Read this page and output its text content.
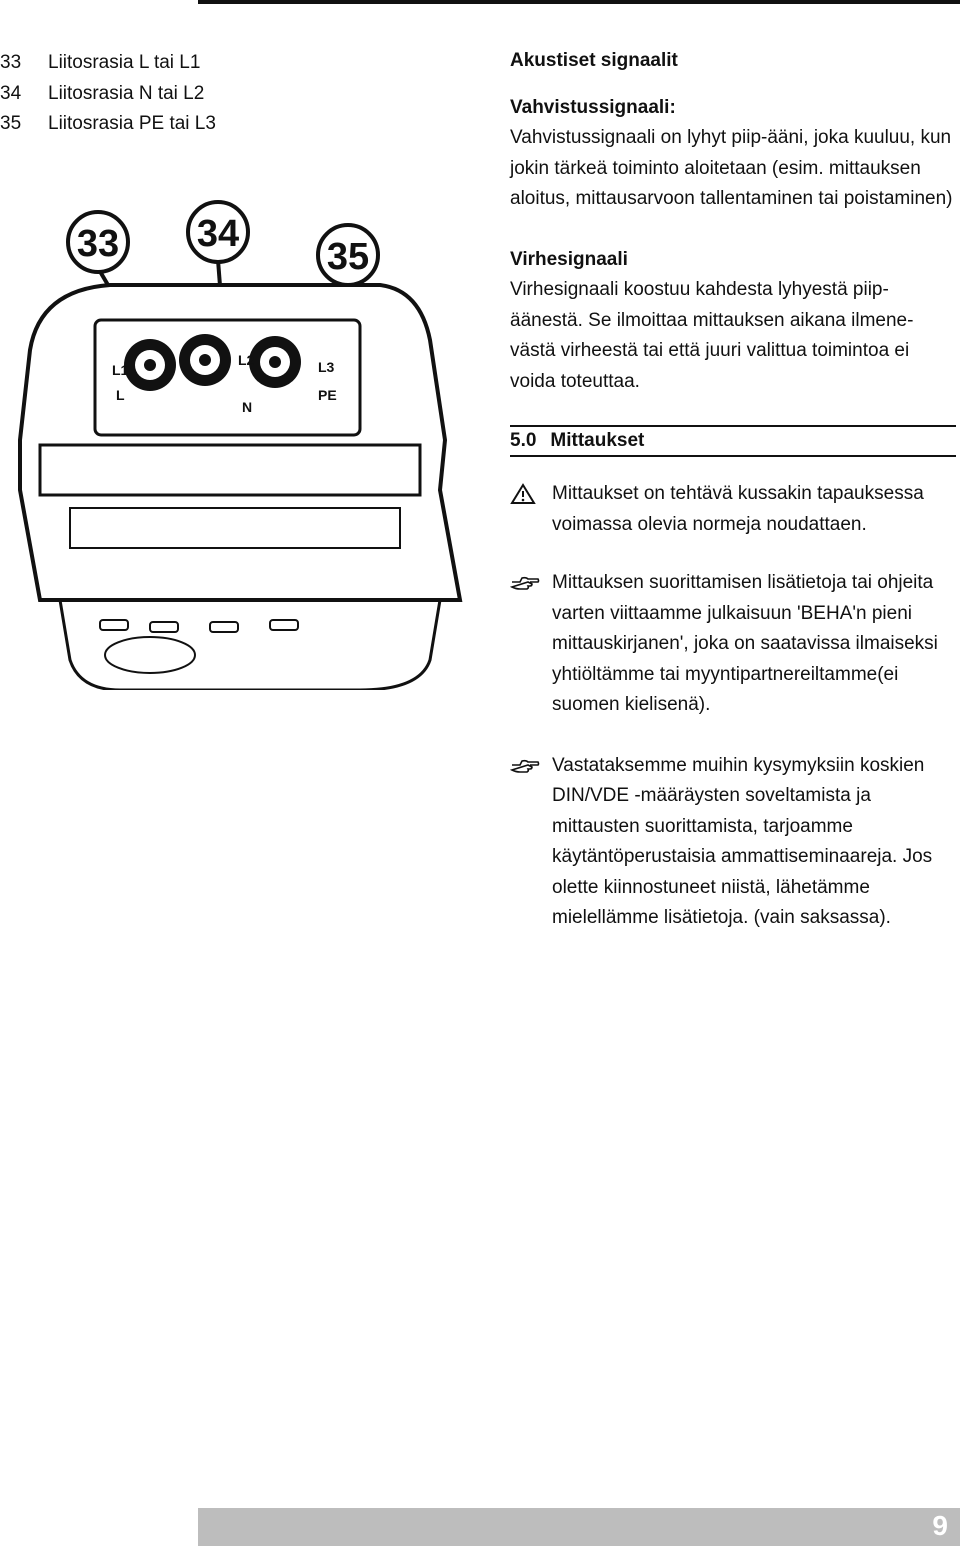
33	Liitosrasia L tai L1
34	Liitosrasia N tai L2
35	Liitosrasia PE tai L3
33 34
35
L1
L
L2
N
L3
PE

Akustiset signaalit

Vahvistussignaali:

Vahvistussignaali on lyhyt piip-ääni, joka kuuluu, kun jokin tärkeä toiminto aloitetaan (esim. mittauksen aloitus, mittausarvoon tallentaminen tai poistaminen)

Virhesignaali

Virhesignaali koostuu kahdesta lyhyestä piip-äänestä. Se ilmoittaa mittauksen aikana ilmene-västä virheestä tai että juuri valittua toimintoa ei voida toteuttaa.

5.0 Mittaukset

Mittaukset on tehtävä kussakin tapauksessa voimassa olevia normeja noudattaen.

Mittauksen suorittamisen lisätietoja tai ohjeita varten viittaamme julkaisuun 'BEHA'n pieni mittauskirjanen', joka on saatavissa ilmaiseksi yhtiöltämme tai myyntipartnereiltamme(ei suomen kielisenä).

Vastataksemme muihin kysymyksiin koskien DIN/VDE -määräysten soveltamista ja mittausten suorittamista, tarjoamme käytäntöperustaisia ammattiseminaareja. Jos olette kiinnostuneet niistä, lähetämme mielellämme lisätietoja. (vain saksassa).

9
